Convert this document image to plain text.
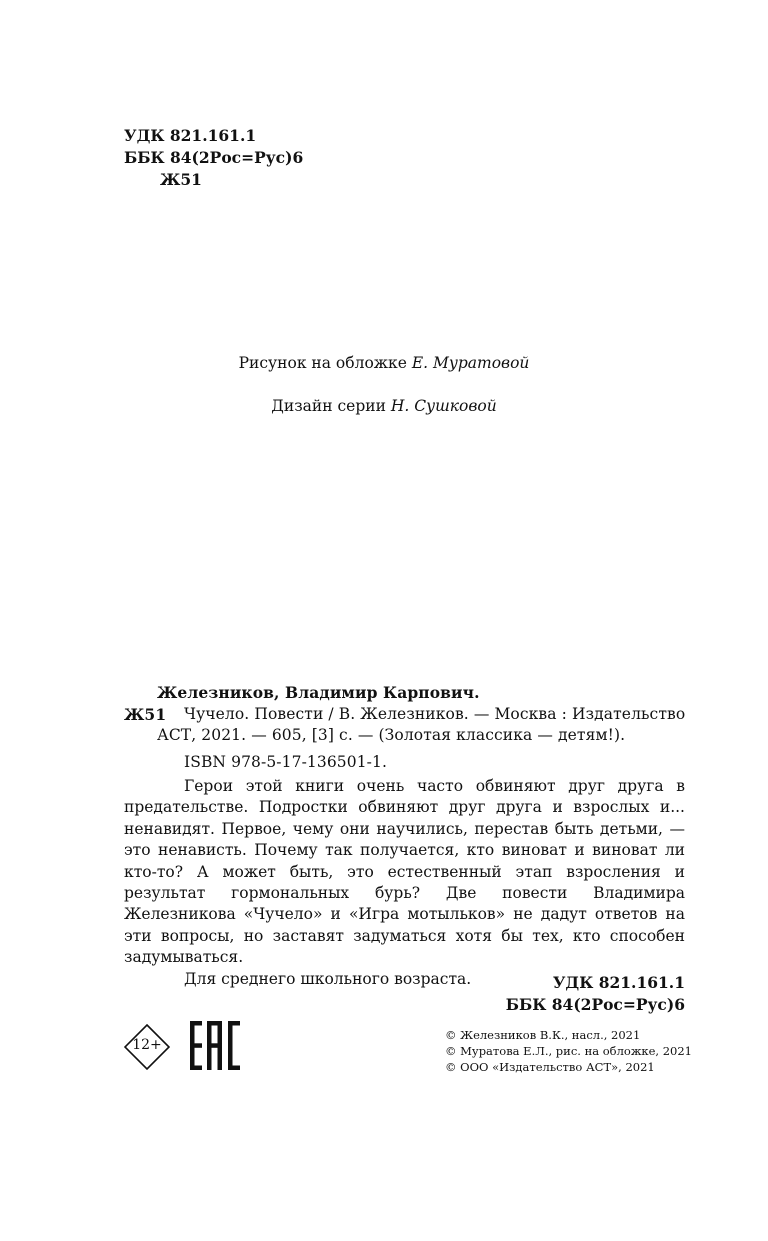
УДК 821.161.1
ББК 84(2Рос=Рус)6
Ж51
Рисунок на обложке Е. Муратовой
Дизайн серии Н. Сушковой
Железников, Владимир Карпович.
Ж51 Чучело. Повести / В. Железников. — Москва : Издательство
АСТ, 2021. — 605, [3] с. — (Золотая классика — детям!).
ISBN 978-5-17-136501-1.

Герои этой книги очень часто обвиняют друг друга в предательстве. Подростки обвиняют друг друга и взрослых и... ненавидят. Первое, чему они научились, перестав быть детьми, — это ненависть. Почему так получается, кто виноват и виноват ли кто-то? А может быть, это естественный этап взросления и результат гормональных бурь? Две повести Владимира Железникова «Чучело» и «Игра мотыльков» не дадут ответов на эти вопросы, но заставят задуматься хотя бы тех, кто способен задумываться.

Для среднего школьного возраста.	УДК 821.161.1
ББК 84(2Рос=Рус)6
12+
© Железников В.К., насл., 2021
© Муратова Е.Л., рис. на обложке, 2021
© ООО «Издательство АСТ», 2021
